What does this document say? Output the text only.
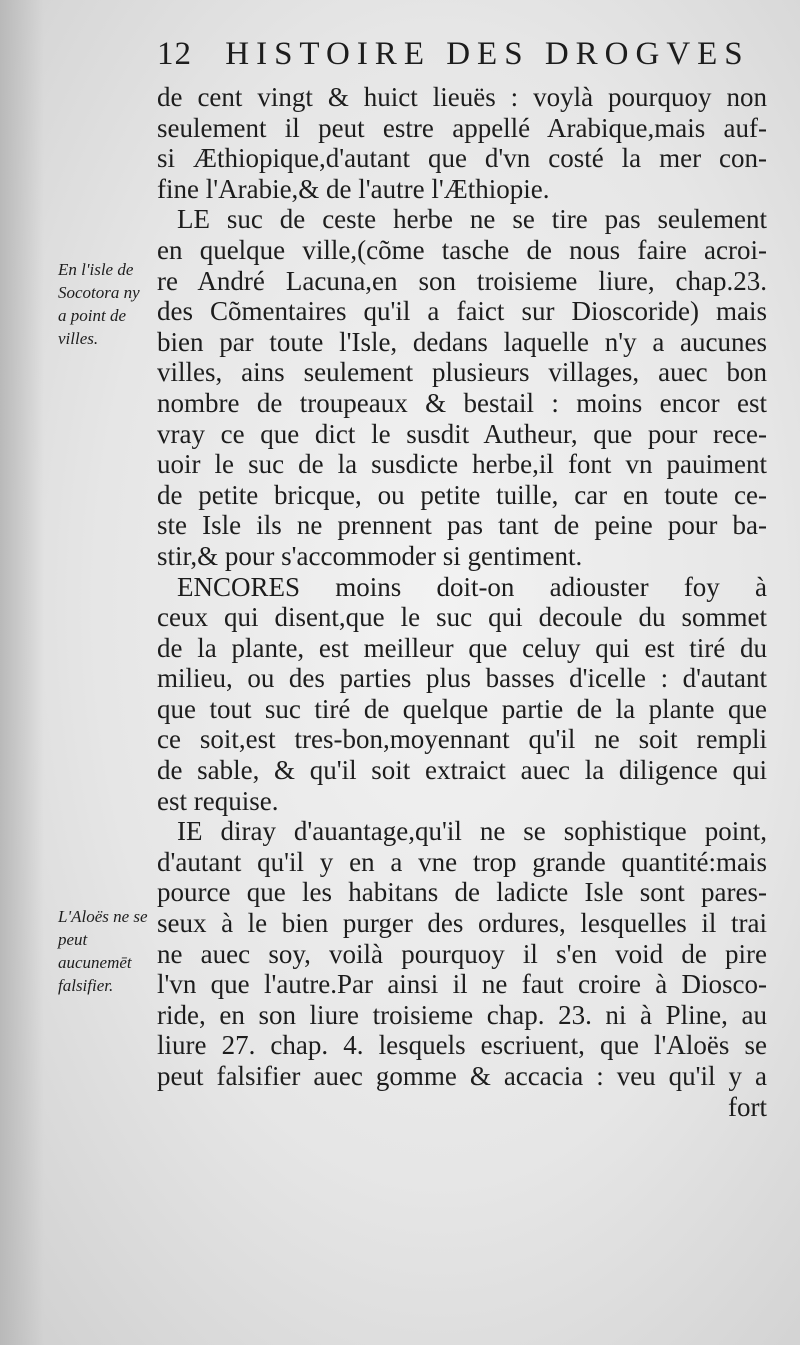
12 HISTOIRE DES DROGVES
En l'isle de Socotora ny a point de villes.
L'Aloës ne se peut aucunemēt falsifier.
de cent vingt & huict lieuës : voylà pourquoy non
seulement il peut estre appellé Arabique,mais auf-
si Æthiopique,d'autant que d'vn costé la mer con-
fine l'Arabie,& de l'autre l'Æthiopie.
LE suc de ceste herbe ne se tire pas seulement
en quelque ville,(cõme tasche de nous faire acroi-
re André Lacuna,en son troisieme liure, chap.23.
des Cõmentaires qu'il a faict sur Dioscoride) mais
bien par toute l'Isle, dedans laquelle n'y a aucunes
villes, ains seulement plusieurs villages, auec bon
nombre de troupeaux & bestail : moins encor est
vray ce que dict le susdit Autheur, que pour rece-
uoir le suc de la susdicte herbe,il font vn pauiment
de petite bricque, ou petite tuille, car en toute ce-
ste Isle ils ne prennent pas tant de peine pour ba-
stir,& pour s'accommoder si gentiment.
ENCORES moins doit-on adiouster foy à
ceux qui disent,que le suc qui decoule du sommet
de la plante, est meilleur que celuy qui est tiré du
milieu, ou des parties plus basses d'icelle : d'autant
que tout suc tiré de quelque partie de la plante que
ce soit,est tres-bon,moyennant qu'il ne soit rempli
de sable, & qu'il soit extraict auec la diligence qui
est requise.
IE diray d'auantage,qu'il ne se sophistique point,
d'autant qu'il y en a vne trop grande quantité:mais
pource que les habitans de ladicte Isle sont pares-
seux à le bien purger des ordures, lesquelles il trai
ne auec soy, voilà pourquoy il s'en void de pire
l'vn que l'autre.Par ainsi il ne faut croire à Diosco-
ride, en son liure troisieme chap. 23. ni à Pline, au
liure 27. chap. 4. lesquels escriuent, que l'Aloës se
peut falsifier auec gomme & accacia : veu qu'il y a
fort
